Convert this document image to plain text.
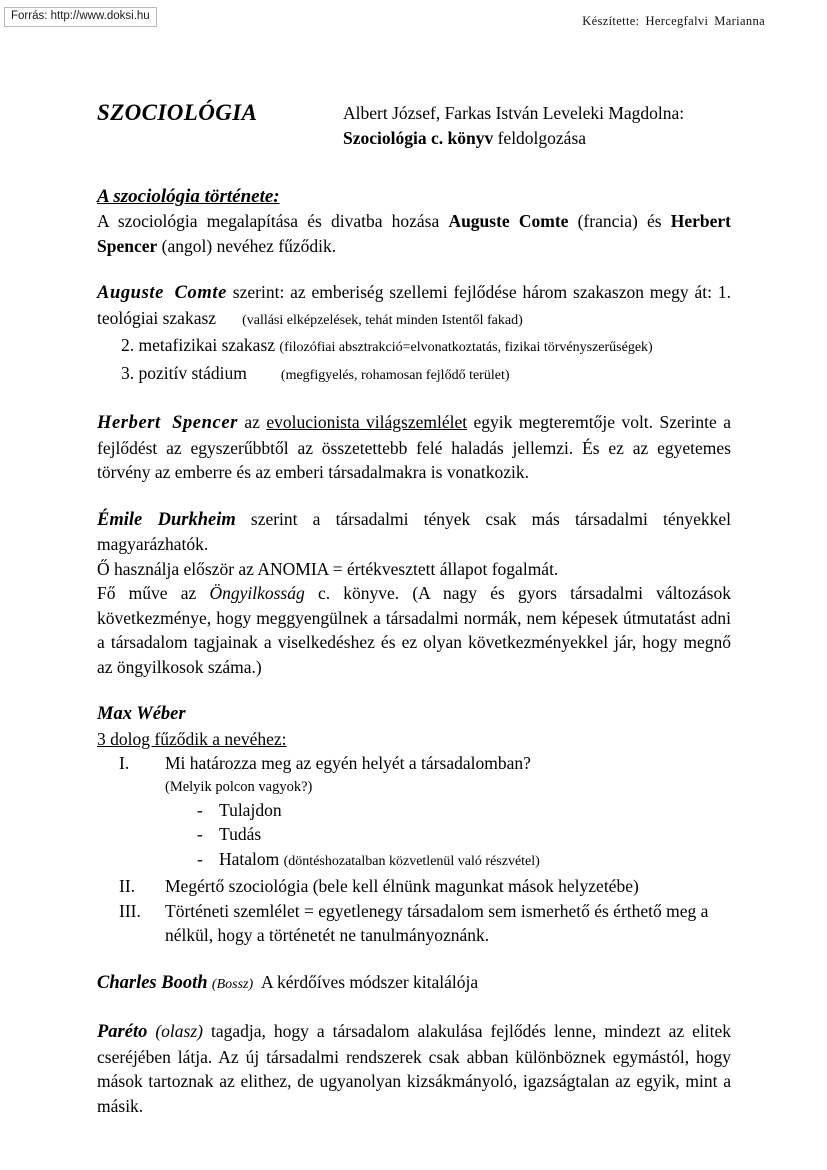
Forrás: http://www.doksi.hu	Készítette: Hercegfalvi Marianna
SZOCIOLÓGIA	Albert József, Farkas István Leveleki Magdolna:
Szociológia c. könyv feldolgozása
A szociológia története:

A szociológia megalapítása és divatba hozása Auguste Comte (francia) és Herbert Spencer (angol) nevéhez fűződik.

Auguste Comte szerint: az emberiség szellemi fejlődése három szakaszon megy át: 1. teológiai szakasz (vallási elképzelések, tehát minden Istentől fakad)

2. metafizikai szakasz (filozófiai absztrakció=elvonatkoztatás, fizikai törvényszerűségek)
3. pozitív stádium (megfigyelés, rohamosan fejlődő terület)

Herbert Spencer az evolucionista világszemlélet egyik megteremtője volt. Szerinte a fejlődést az egyszerűbbtől az összetettebb felé haladás jellemzi. És ez az egyetemes törvény az emberre és az emberi társadalmakra is vonatkozik.

Émile Durkheim szerint a társadalmi tények csak más társadalmi tényekkel magyarázhatók.

Ő használja először az ANOMIA = értékvesztett állapot fogalmát.

Fő műve az Öngyilkosság c. könyve. (A nagy és gyors társadalmi változások következménye, hogy meggyengülnek a társadalmi normák, nem képesek útmutatást adni a társadalom tagjainak a viselkedéshez és ez olyan következményekkel jár, hogy megnő az öngyilkosok száma.)

Max Wéber

3 dolog fűződik a nevéhez:

I.	Mi határozza meg az egyén helyét a társadalomban?
(Melyik polcon vagyok?)
- Tulajdon
- Tudás
- Hatalom (döntéshozatalban közvetlenül való részvétel)
II.	Megértő szociológia (bele kell élnünk magunkat mások helyzetébe)
III.	Történeti szemlélet = egyetlenegy társadalom sem ismerhető és érthető meg a nélkül, hogy a történetét ne tanulmányoznánk.

Charles Booth (Bossz) A kérdőíves módszer kitalálója

Paréto (olasz) tagadja, hogy a társadalom alakulása fejlődés lenne, mindezt az elitek cseréjében látja. Az új társadalmi rendszerek csak abban különböznek egymástól, hogy mások tartoznak az elithez, de ugyanolyan kizsákmányoló, igazságtalan az egyik, mint a másik.
